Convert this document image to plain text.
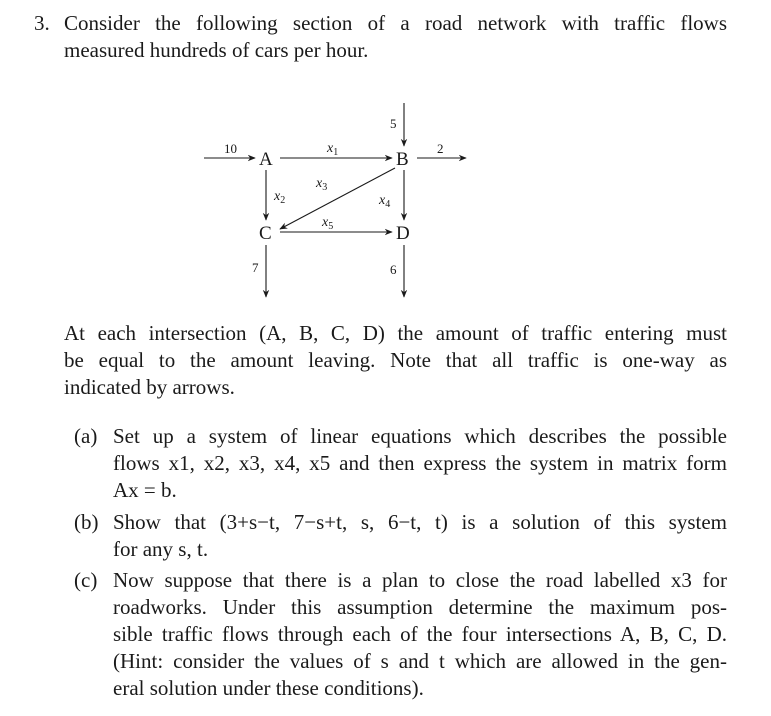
3. Consider the following section of a road network with traffic flows
measured hundreds of cars per hour.
10
A	B
C	D
$x_1$
5
2
$x_2$	$x_4$
$x_3$
$x_5$
7	6
At each intersection (A, B, C, D) the amount of traffic entering must
be equal to the amount leaving. Note that all traffic is one-way as
indicated by arrows.
(a) Set up a system of linear equations which describes the possible
flows x1, x2, x3, x4, x5 and then express the system in matrix form
Ax = b.
(b) Show that (3+s−t, 7−s+t, s, 6−t, t) is a solution of this system
for any s, t.
(c) Now suppose that there is a plan to close the road labelled x3 for
roadworks. Under this assumption determine the maximum pos-
sible traffic flows through each of the four intersections A, B, C, D.
(Hint: consider the values of s and t which are allowed in the gen-
eral solution under these conditions).
